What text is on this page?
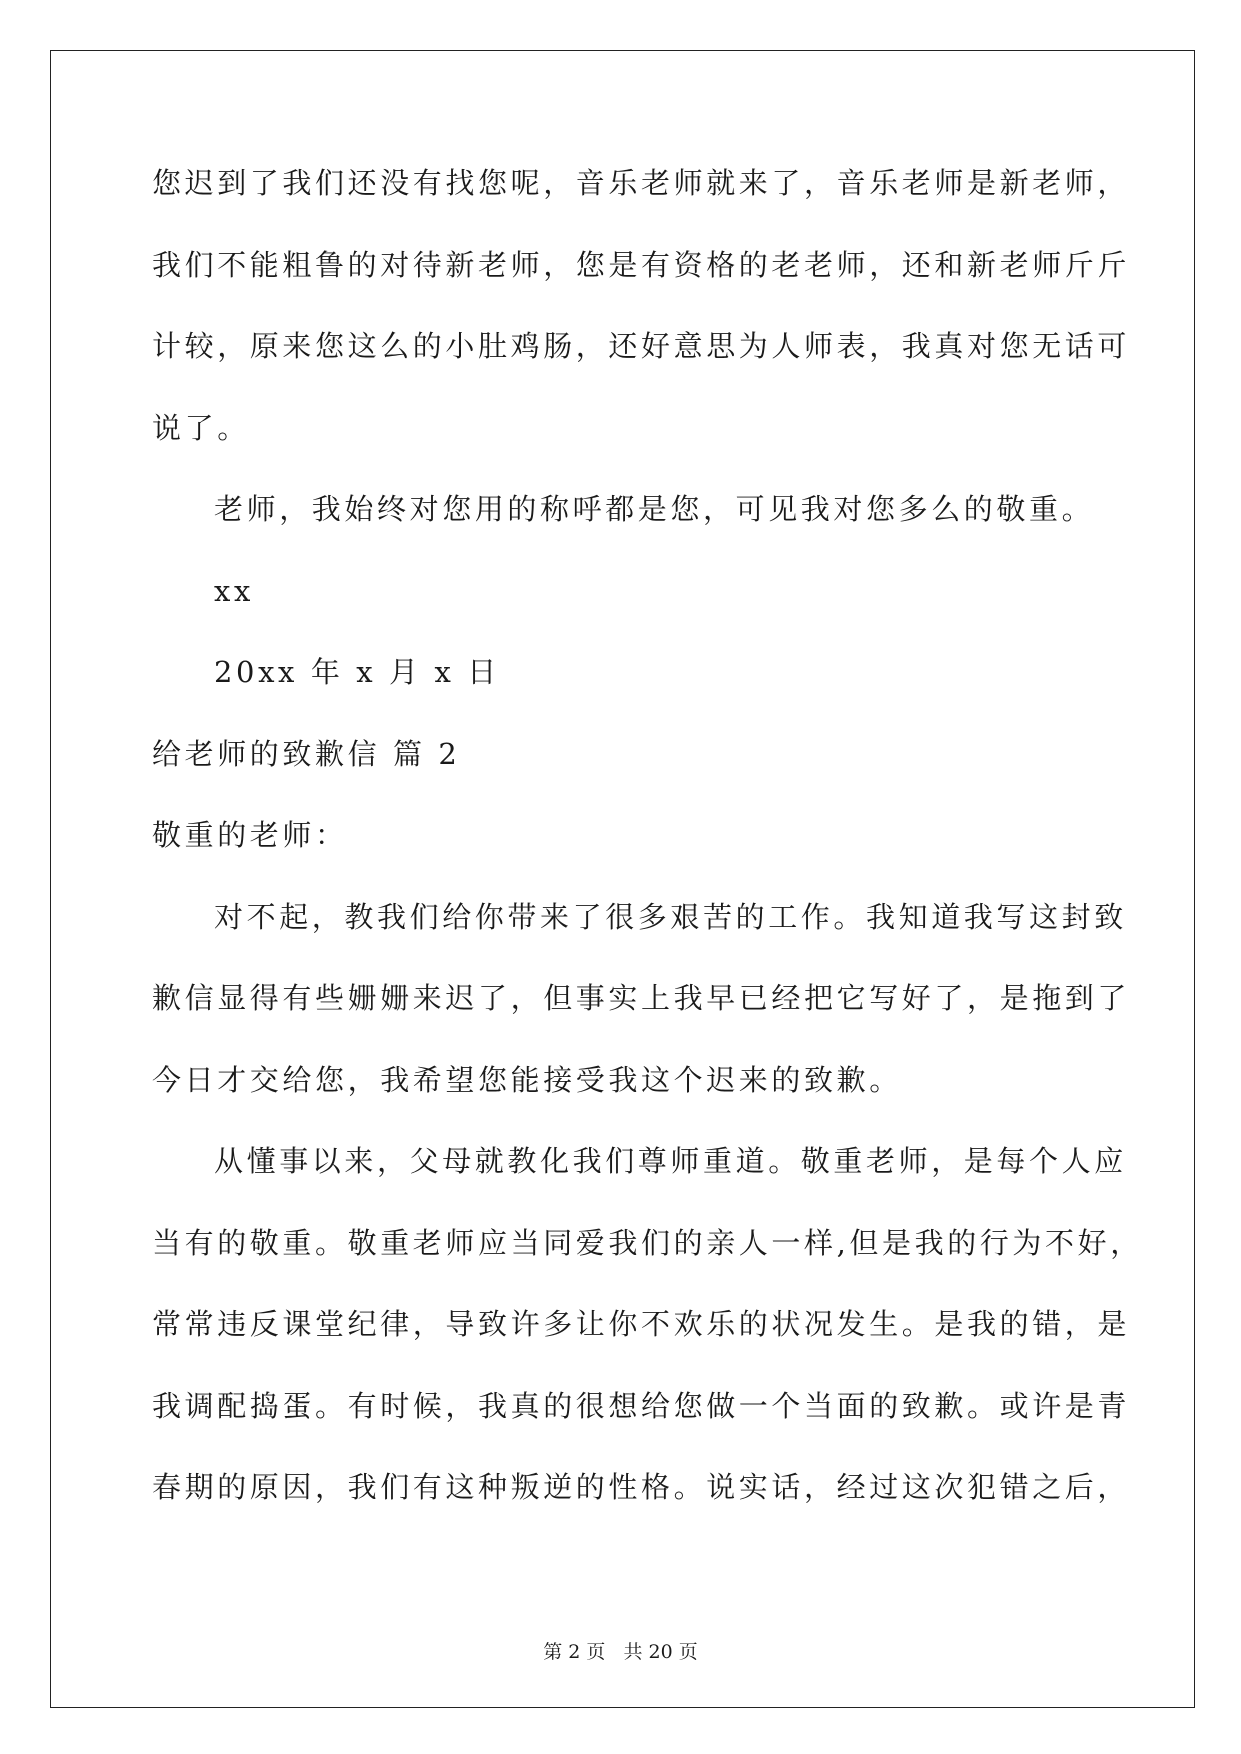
您迟到了我们还没有找您呢，音乐老师就来了，音乐老师是新老师，
我们不能粗鲁的对待新老师，您是有资格的老老师，还和新老师斤斤
计较，原来您这么的小肚鸡肠，还好意思为人师表，我真对您无话可
说了。
老师，我始终对您用的称呼都是您，可见我对您多么的敬重。
xx
20xx 年 x 月 x 日
给老师的致歉信 篇 2
敬重的老师：
对不起，教我们给你带来了很多艰苦的工作。我知道我写这封致
歉信显得有些姗姗来迟了，但事实上我早已经把它写好了，是拖到了
今日才交给您，我希望您能接受我这个迟来的致歉。
从懂事以来，父母就教化我们尊师重道。敬重老师，是每个人应
当有的敬重。敬重老师应当同爱我们的亲人一样,但是我的行为不好，
常常违反课堂纪律，导致许多让你不欢乐的状况发生。是我的错，是
我调配捣蛋。有时候，我真的很想给您做一个当面的致歉。或许是青
春期的原因，我们有这种叛逆的性格。说实话，经过这次犯错之后，
第 2 页 共 20 页
